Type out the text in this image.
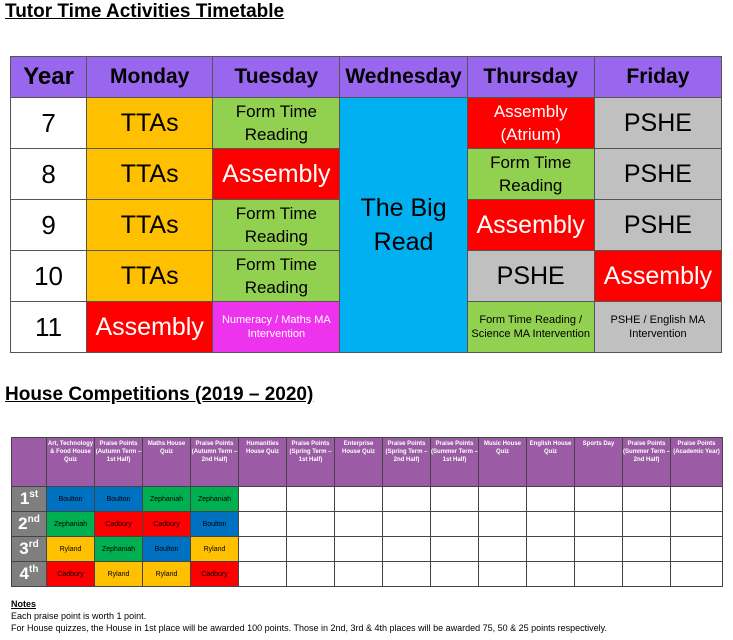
Tutor Time Activities Timetable
Year	Monday	Tuesday	Wednesday	Thursday	Friday
7	TTAs	Form Time Reading	The Big Read	Assembly (Atrium)	PSHE
8	TTAs	Assembly		Form Time Reading	PSHE
9	TTAs	Form Time Reading		Assembly	PSHE
10	TTAs	Form Time Reading		PSHE	Assembly
11	Assembly	Numeracy / Maths MA Intervention		Form Time Reading / Science MA Intervention	PSHE / English MA Intervention
House Competitions (2019 – 2020)
	Art, Technology & Food House Quiz	Praise Points (Autumn Term – 1st Half)	Maths House Quiz	Praise Points (Autumn Term – 2nd Half)	Humanities House Quiz	Praise Points (Spring Term – 1st Half)	Enterprise House Quiz	Praise Points (Spring Term – 2nd Half)	Praise Points (Summer Term – 1st Half)	Music House Quiz	English House Quiz	Sports Day	Praise Points (Summer Term – 2nd Half)	Praise Points (Academic Year)
1st	Boulton	Boulton	Zephaniah	Zephaniah										
2nd	Zephaniah	Cadbury	Cadbury	Boulton										
3rd	Ryland	Zephaniah	Boulton	Ryland										
4th	Cadbury	Ryland	Ryland	Cadbury										
Notes
Each praise point is worth 1 point.
For House quizzes, the House in 1st place will be awarded 100 points. Those in 2nd, 3rd & 4th places will be awarded 75, 50 & 25 points respectively.
